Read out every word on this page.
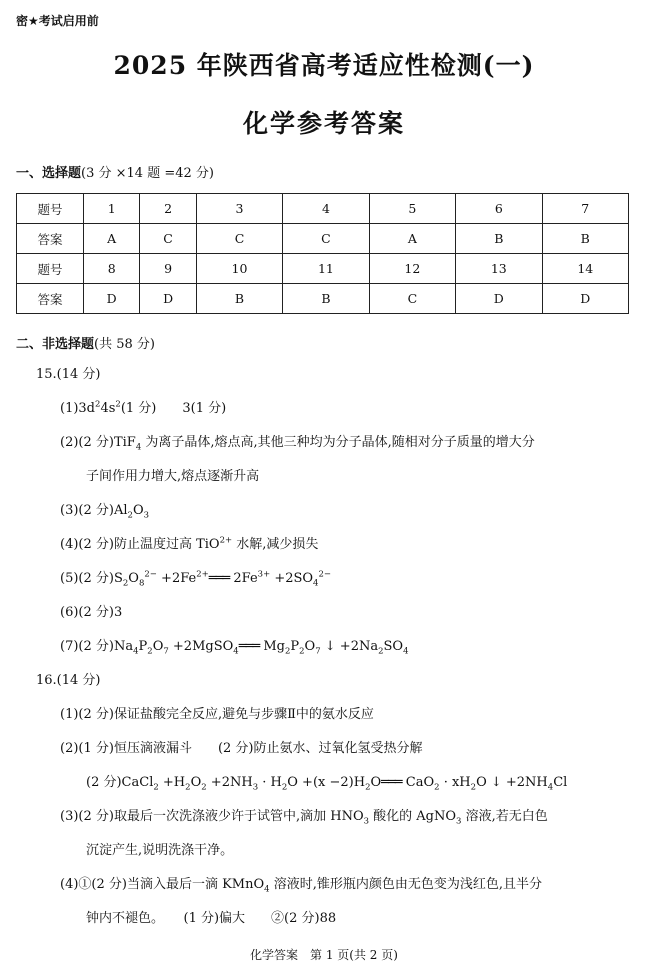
密★考试启用前
2025 年陕西省高考适应性检测(一)
化学参考答案
一、选择题(3 分 ×14 题 =42 分)
题号	1	2	3	4	5	6	7
答案	A	C	C	C	A	B	B
题号	8	9	10	11	12	13	14
答案	D	D	B	B	C	D	D
二、非选择题(共 58 分)
15.(14 分)
$(1)3d^24s^2(1$ 分)　　3(1 分)
(2)(2 分)TiF$_4$ 为离子晶体,熔点高,其他三种均为分子晶体,随相对分子质量的增大分
子间作用力增大,熔点逐渐升高
(3)(2 分)$Al_2O_3$
(4)(2 分)防止温度过高 TiO$^{2+}$ 水解,减少损失
(5)(2 分)$S_2O_8^{2-}$ $+2Fe^{2+}═══$ $2Fe^{3+} +2SO_4^{2-}$
(6)(2 分)3
(7)(2 分)$Na_4P_2O_7$ +2MgSO$_4$═══ $Mg_2P_2O_7$ ↓ $+2Na_2SO_4$
16.(14 分)
(1)(2 分)保证盐酸完全反应,避免与步骤Ⅱ中的氨水反应
(2)(1 分)恒压滴液漏斗　　(2 分)防止氨水、过氧化氢受热分解
(2 分)CaCl$_2$ $+H_2O_2 +2NH_3 \cdot H_2O +(x$ $-2)H_2O═══$ $CaO_2 \cdot xH_2O$ ↓ $+2NH_4Cl$
(3)(2 分)取最后一次洗涤液少许于试管中,滴加 $HNO_3$ 酸化的 AgNO$_3$ 溶液,若无白色
沉淀产生,说明洗涤干净。
(4)①(2 分)当滴入最后一滴 KMnO$_4$ 溶液时,锥形瓶内颜色由无色变为浅红色,且半分
钟内不褪色。　　(1 分)偏大　　②(2 分)88
化学答案　第 1 页(共 2 页)
